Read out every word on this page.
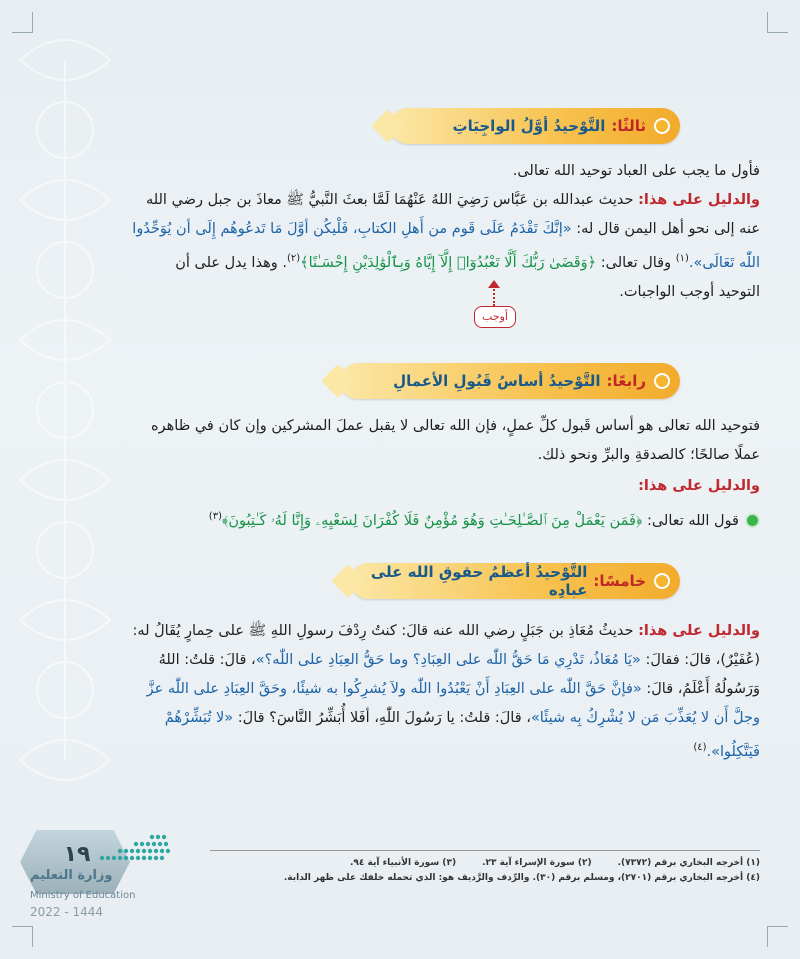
ثالثًا:
التَّوْحيدُ أوَّلُ الواجِبَاتِ
فأول ما يجب على العباد توحيد الله تعالى.
والدليل على هذا: حديث عبدالله بن عَبَّاس رَضِيَ اللهُ عَنْهُمَا لَمَّا بعثَ النَّبيُّ ﷺ معاذَ بن جبل رضي الله عنه إلى نحو أهل اليمن قال له: «إنَّكَ تَقْدَمُ عَلَى قَوم من أَهلِ الكتابِ، فَلْيكُن أوَّلَ مَا تَدعُوهُم إِلَى أن يُوَحِّدُوا اللّٰه تَعَالَى».$^{(١)}$ وقال تعالى: ﴿وَقَضَىٰ رَبُّكَ أَلَّا تَعْبُدُوٓا۟ إِلَّآ إِيَّاهُ وَبِٱلْوَٰلِدَيْنِ إِحْسَـٰنًا﴾$^{(٢)}$. وهذا يدل على أن التوحيد أوجب الواجبات.
أوجب
رابعًا:
التَّوْحيدُ أساسُ قَبُولِ الأعمالِ
فتوحيد الله تعالى هو أساس قَبول كلِّ عملٍ، فإن الله تعالى لا يقبل عملَ المشركين وإن كان في ظاهره عملًا صالحًا؛ كالصدقةِ والبرِّ ونحو ذلك.
والدليل على هذا:
قول الله تعالى: ﴿فَمَن يَعْمَلْ مِنَ ٱلصَّـٰلِحَـٰتِ وَهُوَ مُؤْمِنٌ فَلَا كُفْرَانَ لِسَعْيِهِۦ وَإِنَّا لَهُۥ كَـٰتِبُونَ﴾$^{(٣)}$
خامسًا:
التَّوْحيدُ أعظمُ حقوقِ الله على عبادِه
والدليل على هذا: حديثُ مُعَاذِ بن جَبَلٍ رضي الله عنه قالَ: كنتُ رِدْفَ رسولِ اللهِ ﷺ على حِمارٍ يُقَالُ له: (عُفَيْرٌ)، قالَ: فقالَ: «يَا مُعَاذُ، تَدْرِي مَا حَقُّ اللّٰه على العِبَادِ؟ وما حَقُّ العِبَادِ على اللّٰه؟»، قالَ: قلتُ: اللهُ وَرَسُولُهُ أَعْلَمُ، قالَ: «فإنَّ حَقَّ اللّٰه على العِبَادِ أَنْ يَعْبُدُوا اللّٰه ولاَ يُشرِكُوا به شيئًا، وحَقَّ العِبَادِ على اللّٰه عزَّ وجلَّ أَن لا يُعَذِّبَ مَن لا يُشْرِكُ بِه شيئًا»، قالَ: قلتُ: يا رَسُولَ اللّٰهِ، أفَلا أُبَشِّرُ النَّاسَ؟ قالَ: «لا تُبَشِّرْهُمْ فَيَتَّكِلُوا».$^{(٤)}$
(١) أخرجه البخاري برقم (٧٣٧٢).
(٢) سورة الإسراء آية ٢٣.
(٣) سورة الأنبياء آية ٩٤.
(٤) أخرجه البخاري برقم (٢٧٠١)، ومسلم برقم (٣٠). والرِّدف والرَّديف هو: الذي تحمله خلفك على ظهر الدابة.
١٩
وزارة التعليم
Ministry of Education
2022 - 1444
